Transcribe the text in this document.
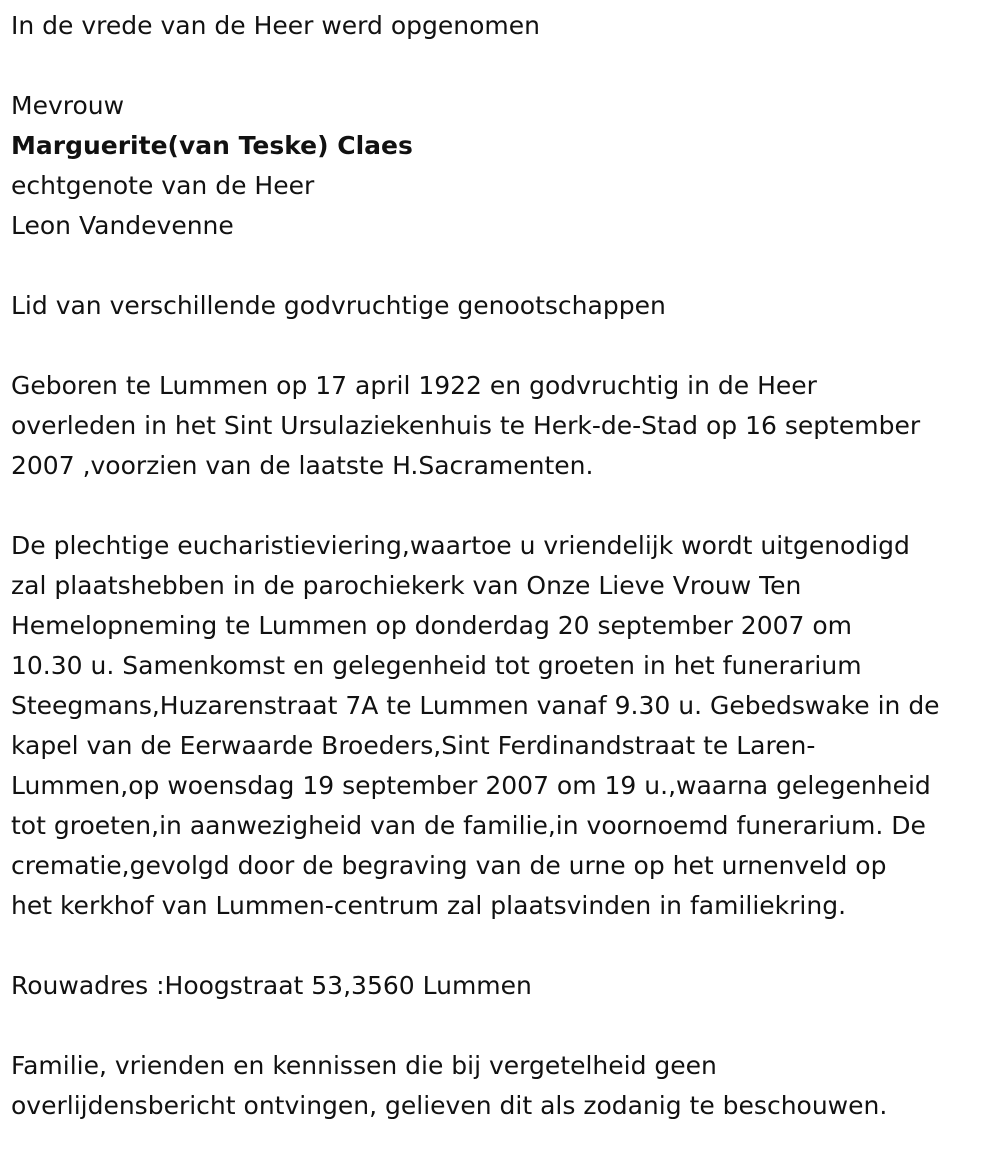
In de vrede van de Heer werd opgenomen

Mevrouw

Marguerite(van Teske) Claes

echtgenote van de Heer

Leon Vandevenne

Lid van verschillende godvruchtige genootschappen

Geboren te Lummen op 17 april 1922 en godvruchtig in de Heer

overleden in het Sint Ursulaziekenhuis te Herk-de-Stad op 16 september

2007 ,voorzien van de laatste H.Sacramenten.

De plechtige eucharistieviering,waartoe u vriendelijk wordt uitgenodigd

zal plaatshebben in de parochiekerk van Onze Lieve Vrouw Ten

Hemelopneming te Lummen op donderdag 20 september 2007 om

10.30 u. Samenkomst en gelegenheid tot groeten in het funerarium

Steegmans,Huzarenstraat 7A te Lummen vanaf 9.30 u. Gebedswake in de

kapel van de Eerwaarde Broeders,Sint Ferdinandstraat te Laren-

Lummen,op woensdag 19 september 2007 om 19 u.,waarna gelegenheid

tot groeten,in aanwezigheid van de familie,in voornoemd funerarium. De

crematie,gevolgd door de begraving van de urne op het urnenveld op

het kerkhof van Lummen-centrum zal plaatsvinden in familiekring.

Rouwadres :Hoogstraat 53,3560 Lummen

Familie, vrienden en kennissen die bij vergetelheid geen

overlijdensbericht ontvingen, gelieven dit als zodanig te beschouwen.
